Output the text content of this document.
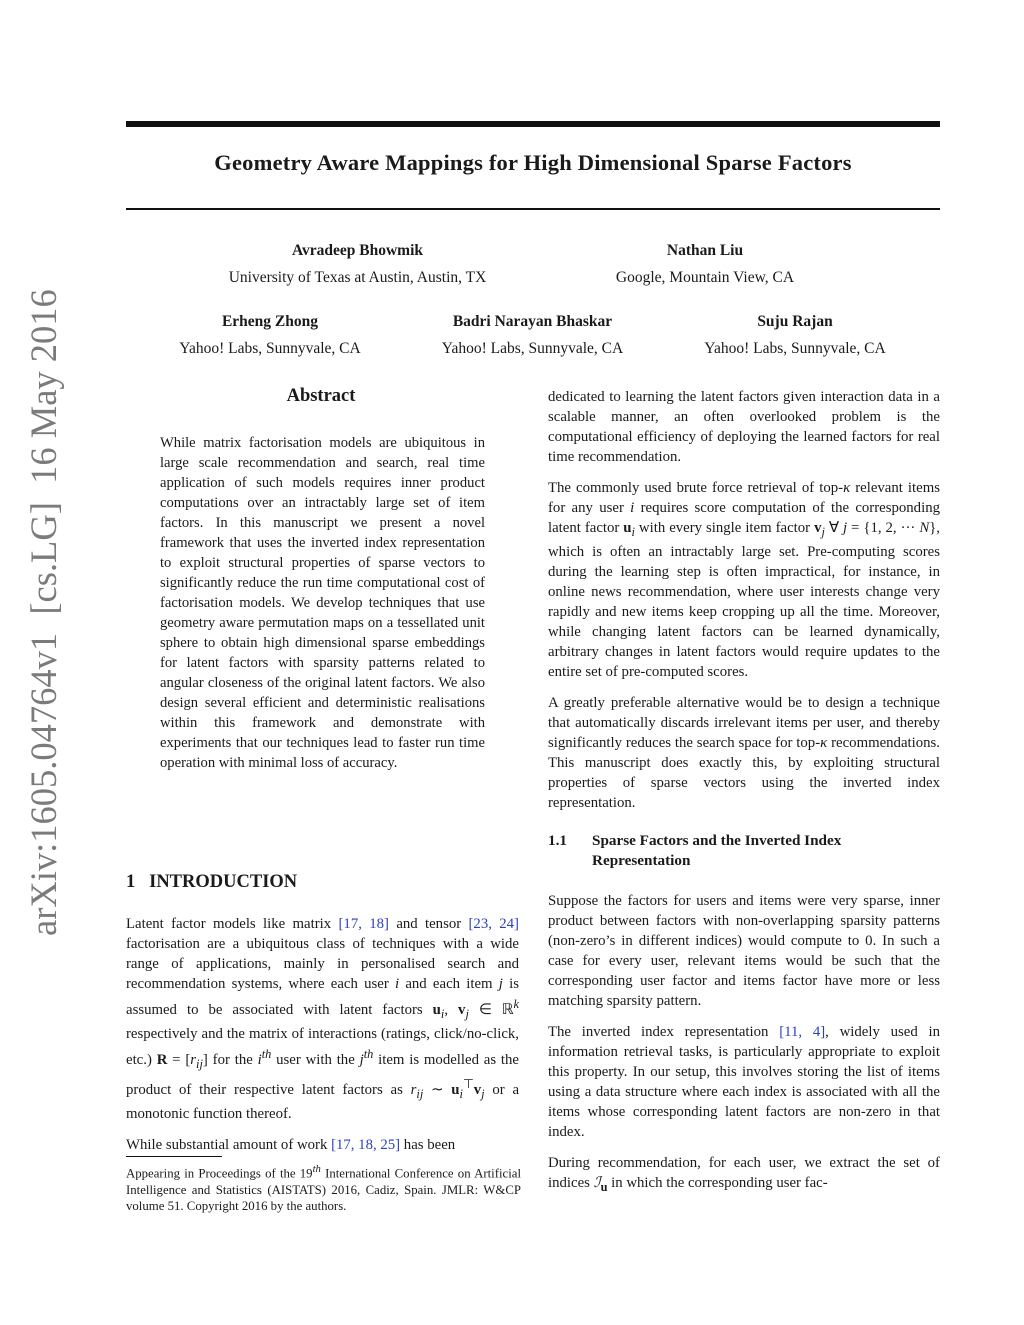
arXiv:1605.04764v1  [cs.LG]  16 May 2016
Geometry Aware Mappings for High Dimensional Sparse Factors
Avradeep Bhowmik
University of Texas at Austin, Austin, TX
Nathan Liu
Google, Mountain View, CA
Erheng Zhong
Yahoo! Labs, Sunnyvale, CA
Badri Narayan Bhaskar
Yahoo! Labs, Sunnyvale, CA
Suju Rajan
Yahoo! Labs, Sunnyvale, CA
Abstract
While matrix factorisation models are ubiquitous in large scale recommendation and search, real time application of such models requires inner product computations over an intractably large set of item factors. In this manuscript we present a novel framework that uses the inverted index representation to exploit structural properties of sparse vectors to significantly reduce the run time computational cost of factorisation models. We develop techniques that use geometry aware permutation maps on a tessellated unit sphere to obtain high dimensional sparse embeddings for latent factors with sparsity patterns related to angular closeness of the original latent factors. We also design several efficient and deterministic realisations within this framework and demonstrate with experiments that our techniques lead to faster run time operation with minimal loss of accuracy.
1   INTRODUCTION

Latent factor models like matrix [17, 18] and tensor [23, 24] factorisation are a ubiquitous class of techniques with a wide range of applications, mainly in personalised search and recommendation systems, where each user i and each item j is assumed to be associated with latent factors $u_i$, $v_j$ ∈ ℝ$^k$ respectively and the matrix of interactions (ratings, click/no-click, etc.) $R = [r_{ij}]$ for the $i^{th}$ user with the $j^{th}$ item is modelled as the product of their respective latent factors as $r_{ij}$ ∼ $u_i^⊤v_j$ or a monotonic function thereof.

While substantial amount of work [17, 18, 25] has been

Appearing in Proceedings of the 19th International Conference on Artificial Intelligence and Statistics (AISTATS) 2016, Cadiz, Spain. JMLR: W&CP volume 51. Copyright 2016 by the authors.

dedicated to learning the latent factors given interaction data in a scalable manner, an often overlooked problem is the computational efficiency of deploying the learned factors for real time recommendation.

The commonly used brute force retrieval of top-κ relevant items for any user i requires score computation of the corresponding latent factor $u_i$ with every single item factor $v_j$ ∀ j = {1, 2, ··· N}, which is often an intractably large set. Pre-computing scores during the learning step is often impractical, for instance, in online news recommendation, where user interests change very rapidly and new items keep cropping up all the time. Moreover, while changing latent factors can be learned dynamically, arbitrary changes in latent factors would require updates to the entire set of pre-computed scores.

A greatly preferable alternative would be to design a technique that automatically discards irrelevant items per user, and thereby significantly reduces the search space for top-κ recommendations. This manuscript does exactly this, by exploiting structural properties of sparse vectors using the inverted index representation.

1.1	Sparse Factors and the Inverted Index Representation

Suppose the factors for users and items were very sparse, inner product between factors with non-overlapping sparsity patterns (non-zero’s in different indices) would compute to 0. In such a case for every user, relevant items would be such that the corresponding user factor and items factor have more or less matching sparsity pattern.

The inverted index representation [11, 4], widely used in information retrieval tasks, is particularly appropriate to exploit this property. In our setup, this involves storing the list of items using a data structure where each index is associated with all the items whose corresponding latent factors are non-zero in that index.

During recommendation, for each user, we extract the set of indices ℐ$_u$ in which the corresponding user fac-
